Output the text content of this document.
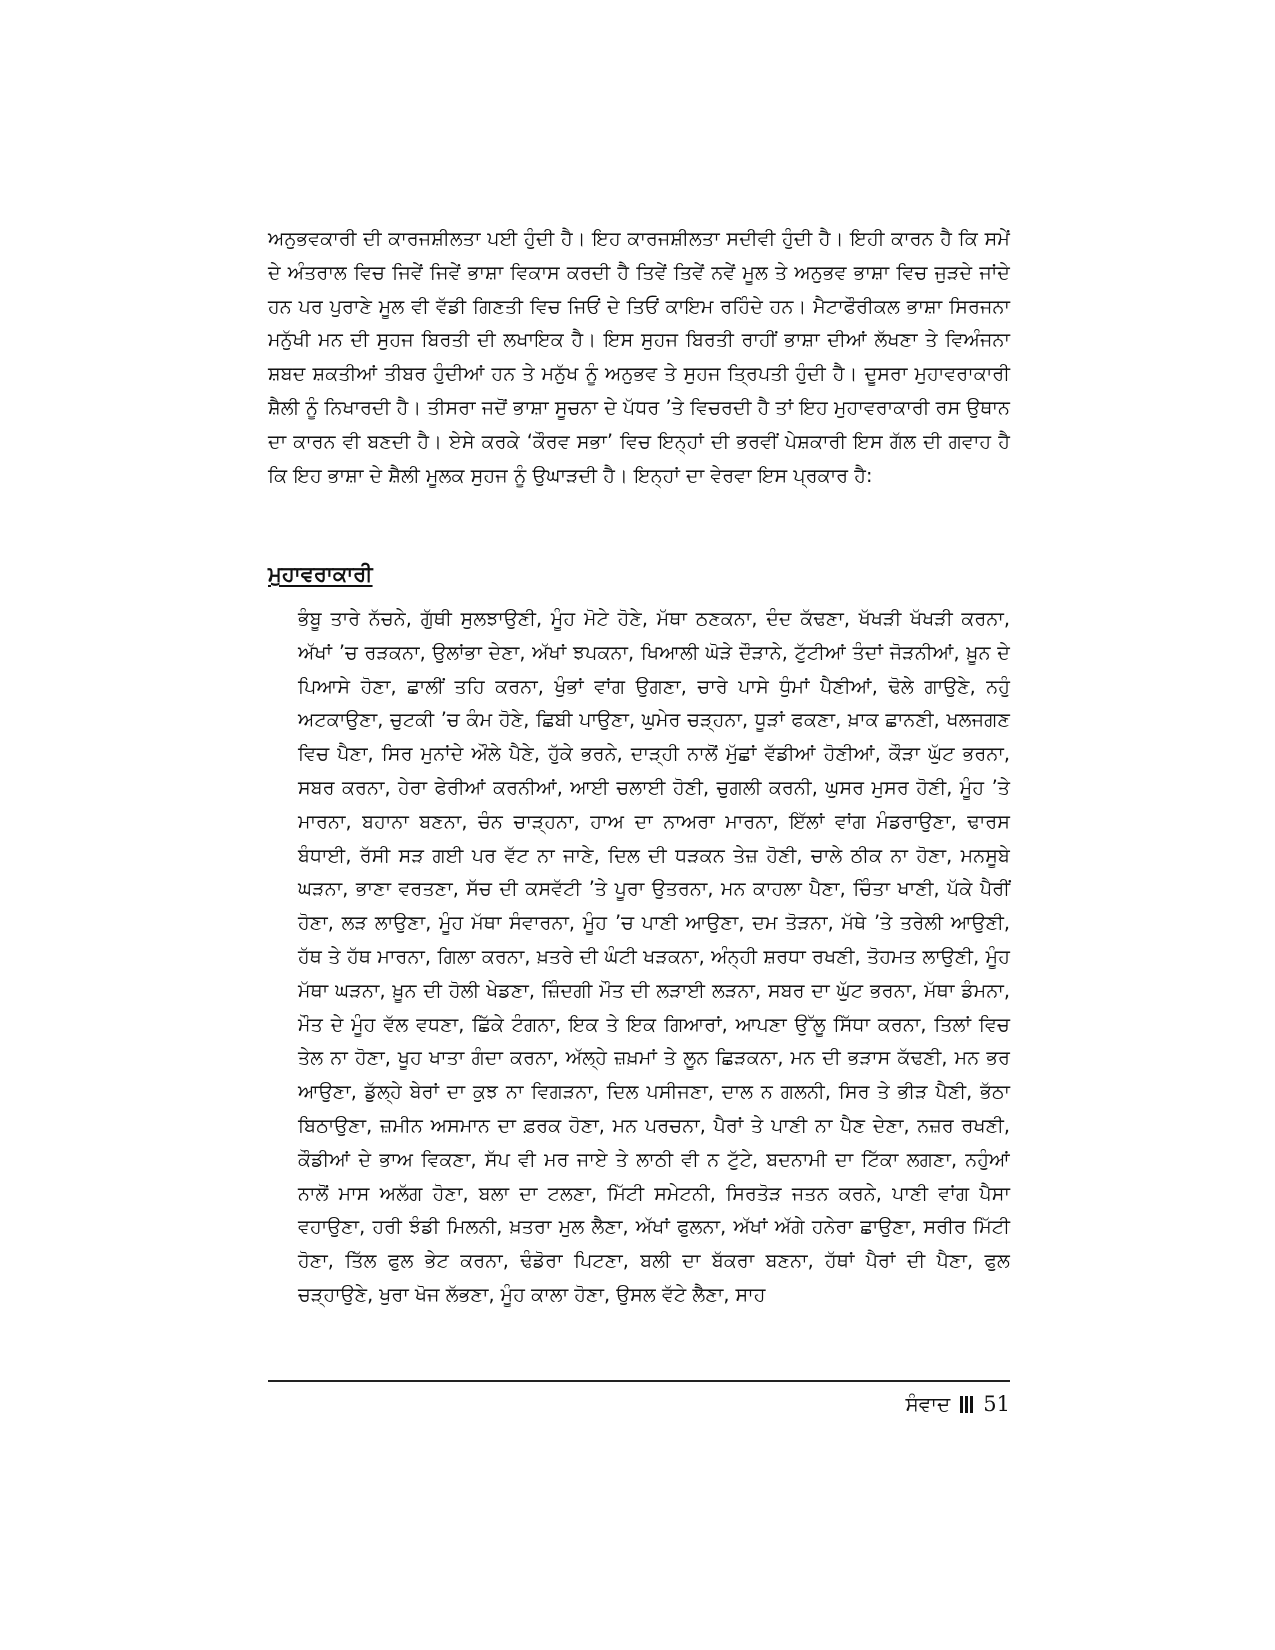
ਅਨੁਭਵਕਾਰੀ ਦੀ ਕਾਰਜਸ਼ੀਲਤਾ ਪਈ ਹੁੰਦੀ ਹੈ। ਇਹ ਕਾਰਜਸ਼ੀਲਤਾ ਸਦੀਵੀ ਹੁੰਦੀ ਹੈ। ਇਹੀ ਕਾਰਨ ਹੈ ਕਿ ਸਮੇਂ ਦੇ ਅੰਤਰਾਲ ਵਿਚ ਜਿਵੇਂ ਜਿਵੇਂ ਭਾਸ਼ਾ ਵਿਕਾਸ ਕਰਦੀ ਹੈ ਤਿਵੇਂ ਤਿਵੇਂ ਨਵੇਂ ਮੂਲ ਤੇ ਅਨੁਭਵ ਭਾਸ਼ਾ ਵਿਚ ਜੁੜਦੇ ਜਾਂਦੇ ਹਨ ਪਰ ਪੁਰਾਣੇ ਮੂਲ ਵੀ ਵੱਡੀ ਗਿਣਤੀ ਵਿਚ ਜਿਓਂ ਦੇ ਤਿਓਂ ਕਾਇਮ ਰਹਿੰਦੇ ਹਨ। ਮੈਟਾਫੌਰੀਕਲ ਭਾਸ਼ਾ ਸਿਰਜਨਾ ਮਨੁੱਖੀ ਮਨ ਦੀ ਸੁਹਜ ਬਿਰਤੀ ਦੀ ਲਖਾਇਕ ਹੈ। ਇਸ ਸੁਹਜ ਬਿਰਤੀ ਰਾਹੀਂ ਭਾਸ਼ਾ ਦੀਆਂ ਲੱਖਣਾ ਤੇ ਵਿਅੰਜਨਾ ਸ਼ਬਦ ਸ਼ਕਤੀਆਂ ਤੀਬਰ ਹੁੰਦੀਆਂ ਹਨ ਤੇ ਮਨੁੱਖ ਨੂੰ ਅਨੁਭਵ ਤੇ ਸੁਹਜ ਤ੍ਰਿਪਤੀ ਹੁੰਦੀ ਹੈ। ਦੂਸਰਾ ਮੁਹਾਵਰਾਕਾਰੀ ਸ਼ੈਲੀ ਨੂੰ ਨਿਖਾਰਦੀ ਹੈ। ਤੀਸਰਾ ਜਦੋਂ ਭਾਸ਼ਾ ਸੂਚਨਾ ਦੇ ਪੱਧਰ ’ਤੇ ਵਿਚਰਦੀ ਹੈ ਤਾਂ ਇਹ ਮੁਹਾਵਰਾਕਾਰੀ ਰਸ ਉਥਾਨ ਦਾ ਕਾਰਨ ਵੀ ਬਣਦੀ ਹੈ। ਏਸੇ ਕਰਕੇ ‘ਕੌਰਵ ਸਭਾ’ ਵਿਚ ਇਨ੍ਹਾਂ ਦੀ ਭਰਵੀਂ ਪੇਸ਼ਕਾਰੀ ਇਸ ਗੱਲ ਦੀ ਗਵਾਹ ਹੈ ਕਿ ਇਹ ਭਾਸ਼ਾ ਦੇ ਸ਼ੈਲੀ ਮੂਲਕ ਸੁਹਜ ਨੂੰ ਉਘਾੜਦੀ ਹੈ। ਇਨ੍ਹਾਂ ਦਾ ਵੇਰਵਾ ਇਸ ਪ੍ਰਕਾਰ ਹੈ:

ਮੁਹਾਵਰਾਕਾਰੀ

ਭੰਬੂ ਤਾਰੇ ਨੱਚਨੇ, ਗੁੱਥੀ ਸੁਲਝਾਉਣੀ, ਮੂੰਹ ਮੋਟੇ ਹੋਣੇ, ਮੱਥਾ ਠਣਕਨਾ, ਦੰਦ ਕੱਢਣਾ, ਖੱਖੜੀ ਖੱਖੜੀ ਕਰਨਾ, ਅੱਖਾਂ ’ਚ ਰੜਕਨਾ, ਉਲਾਂਭਾ ਦੇਣਾ, ਅੱਖਾਂ ਝਪਕਨਾ, ਖਿਆਲੀ ਘੋੜੇ ਦੌੜਾਨੇ, ਟੁੱਟੀਆਂ ਤੰਦਾਂ ਜੋੜਨੀਆਂ, ਖ਼ੂਨ ਦੇ ਪਿਆਸੇ ਹੋਣਾ, ਛਾਲੀਂ ਤਹਿ ਕਰਨਾ, ਖੁੰਭਾਂ ਵਾਂਗ ਉਗਣਾ, ਚਾਰੇ ਪਾਸੇ ਧੁੰਮਾਂ ਪੈਣੀਆਂ, ਢੋਲੇ ਗਾਉਣੇ, ਨਹੁੰ ਅਟਕਾਉਣਾ, ਚੁਟਕੀ ’ਚ ਕੰਮ ਹੋਣੇ, ਛਿਬੀ ਪਾਉਣਾ, ਘੁਮੇਰ ਚੜ੍ਹਨਾ, ਧੂੜਾਂ ਫਕਣਾ, ਖ਼ਾਕ ਛਾਨਣੀ, ਖਲਜਗਣ ਵਿਚ ਪੈਣਾ, ਸਿਰ ਮੁਨਾਂਦੇ ਔਲੇ ਪੈਣੇ, ਹੁੱਕੇ ਭਰਨੇ, ਦਾੜ੍ਹੀ ਨਾਲੋਂ ਮੁੱਛਾਂ ਵੱਡੀਆਂ ਹੋਣੀਆਂ, ਕੌੜਾ ਘੁੱਟ ਭਰਨਾ, ਸਬਰ ਕਰਨਾ, ਹੇਰਾ ਫੇਰੀਆਂ ਕਰਨੀਆਂ, ਆਈ ਚਲਾਈ ਹੋਣੀ, ਚੁਗਲੀ ਕਰਨੀ, ਘੁਸਰ ਮੁਸਰ ਹੋਣੀ, ਮੂੰਹ ’ਤੇ ਮਾਰਨਾ, ਬਹਾਨਾ ਬਣਨਾ, ਚੰਨ ਚਾੜ੍ਹਨਾ, ਹਾਅ ਦਾ ਨਾਅਰਾ ਮਾਰਨਾ, ਇੱਲਾਂ ਵਾਂਗ ਮੰਡਰਾਉਣਾ, ਢਾਰਸ ਬੰਧਾਈ, ਰੱਸੀ ਸੜ ਗਈ ਪਰ ਵੱਟ ਨਾ ਜਾਣੇ, ਦਿਲ ਦੀ ਧੜਕਨ ਤੇਜ਼ ਹੋਣੀ, ਚਾਲੇ ਠੀਕ ਨਾ ਹੋਣਾ, ਮਨਸੂਬੇ ਘੜਨਾ, ਭਾਣਾ ਵਰਤਣਾ, ਸੱਚ ਦੀ ਕਸਵੱਟੀ ’ਤੇ ਪੂਰਾ ਉਤਰਨਾ, ਮਨ ਕਾਹਲਾ ਪੈਣਾ, ਚਿੰਤਾ ਖਾਣੀ, ਪੱਕੇ ਪੈਰੀਂ ਹੋਣਾ, ਲੜ ਲਾਉਣਾ, ਮੂੰਹ ਮੱਥਾ ਸੰਵਾਰਨਾ, ਮੂੰਹ ’ਚ ਪਾਣੀ ਆਉਣਾ, ਦਮ ਤੋੜਨਾ, ਮੱਥੇ ’ਤੇ ਤਰੇਲੀ ਆਉਣੀ, ਹੱਥ ਤੇ ਹੱਥ ਮਾਰਨਾ, ਗਿਲਾ ਕਰਨਾ, ਖ਼ਤਰੇ ਦੀ ਘੰਟੀ ਖੜਕਨਾ, ਅੰਨ੍ਹੀ ਸ਼ਰਧਾ ਰਖਣੀ, ਤੋਹਮਤ ਲਾਉਣੀ, ਮੂੰਹ ਮੱਥਾ ਘੜਨਾ, ਖ਼ੂਨ ਦੀ ਹੋਲੀ ਖੇਡਣਾ, ਜ਼ਿੰਦਗੀ ਮੌਤ ਦੀ ਲੜਾਈ ਲੜਨਾ, ਸਬਰ ਦਾ ਘੁੱਟ ਭਰਨਾ, ਮੱਥਾ ਡੰਮਨਾ, ਮੌਤ ਦੇ ਮੂੰਹ ਵੱਲ ਵਧਣਾ, ਛਿੱਕੇ ਟੰਗਨਾ, ਇਕ ਤੇ ਇਕ ਗਿਆਰਾਂ, ਆਪਣਾ ਉੱਲੂ ਸਿੱਧਾ ਕਰਨਾ, ਤਿਲਾਂ ਵਿਚ ਤੇਲ ਨਾ ਹੋਣਾ, ਖੂਹ ਖਾਤਾ ਗੰਦਾ ਕਰਨਾ, ਅੱਲ੍ਹੇ ਜ਼ਖ਼ਮਾਂ ਤੇ ਲੂਨ ਛਿੜਕਨਾ, ਮਨ ਦੀ ਭੜਾਸ ਕੱਢਣੀ, ਮਨ ਭਰ ਆਉਣਾ, ਡੁੱਲ੍ਹੇ ਬੇਰਾਂ ਦਾ ਕੁਝ ਨਾ ਵਿਗੜਨਾ, ਦਿਲ ਪਸੀਜਣਾ, ਦਾਲ ਨ ਗਲਨੀ, ਸਿਰ ਤੇ ਭੀੜ ਪੈਣੀ, ਭੱਠਾ ਬਿਠਾਉਣਾ, ਜ਼ਮੀਨ ਅਸਮਾਨ ਦਾ ਫ਼ਰਕ ਹੋਣਾ, ਮਨ ਪਰਚਨਾ, ਪੈਰਾਂ ਤੇ ਪਾਣੀ ਨਾ ਪੈਣ ਦੇਣਾ, ਨਜ਼ਰ ਰਖਣੀ, ਕੌਡੀਆਂ ਦੇ ਭਾਅ ਵਿਕਣਾ, ਸੱਪ ਵੀ ਮਰ ਜਾਏ ਤੇ ਲਾਠੀ ਵੀ ਨ ਟੁੱਟੇ, ਬਦਨਾਮੀ ਦਾ ਟਿੱਕਾ ਲਗਣਾ, ਨਹੁੰਆਂ ਨਾਲੋਂ ਮਾਸ ਅਲੱਗ ਹੋਣਾ, ਬਲਾ ਦਾ ਟਲਣਾ, ਮਿੱਟੀ ਸਮੇਟਨੀ, ਸਿਰਤੋੜ ਜਤਨ ਕਰਨੇ, ਪਾਣੀ ਵਾਂਗ ਪੈਸਾ ਵਹਾਉਣਾ, ਹਰੀ ਝੰਡੀ ਮਿਲਨੀ, ਖ਼ਤਰਾ ਮੁਲ ਲੈਣਾ, ਅੱਖਾਂ ਫੁਲਨਾ, ਅੱਖਾਂ ਅੱਗੇ ਹਨੇਰਾ ਛਾਉਣਾ, ਸਰੀਰ ਮਿੱਟੀ ਹੋਣਾ, ਤਿੱਲ ਫੁਲ ਭੇਟ ਕਰਨਾ, ਢੰਡੋਰਾ ਪਿਟਣਾ, ਬਲੀ ਦਾ ਬੱਕਰਾ ਬਣਨਾ, ਹੱਥਾਂ ਪੈਰਾਂ ਦੀ ਪੈਣਾ, ਫੁਲ ਚੜ੍ਹਾਉਣੇ, ਖੁਰਾ ਖੋਜ ਲੱਭਣਾ, ਮੂੰਹ ਕਾਲਾ ਹੋਣਾ, ਉਸਲ ਵੱਟੇ ਲੈਣਾ, ਸਾਹ

ਸੰਵਾਦ 51
